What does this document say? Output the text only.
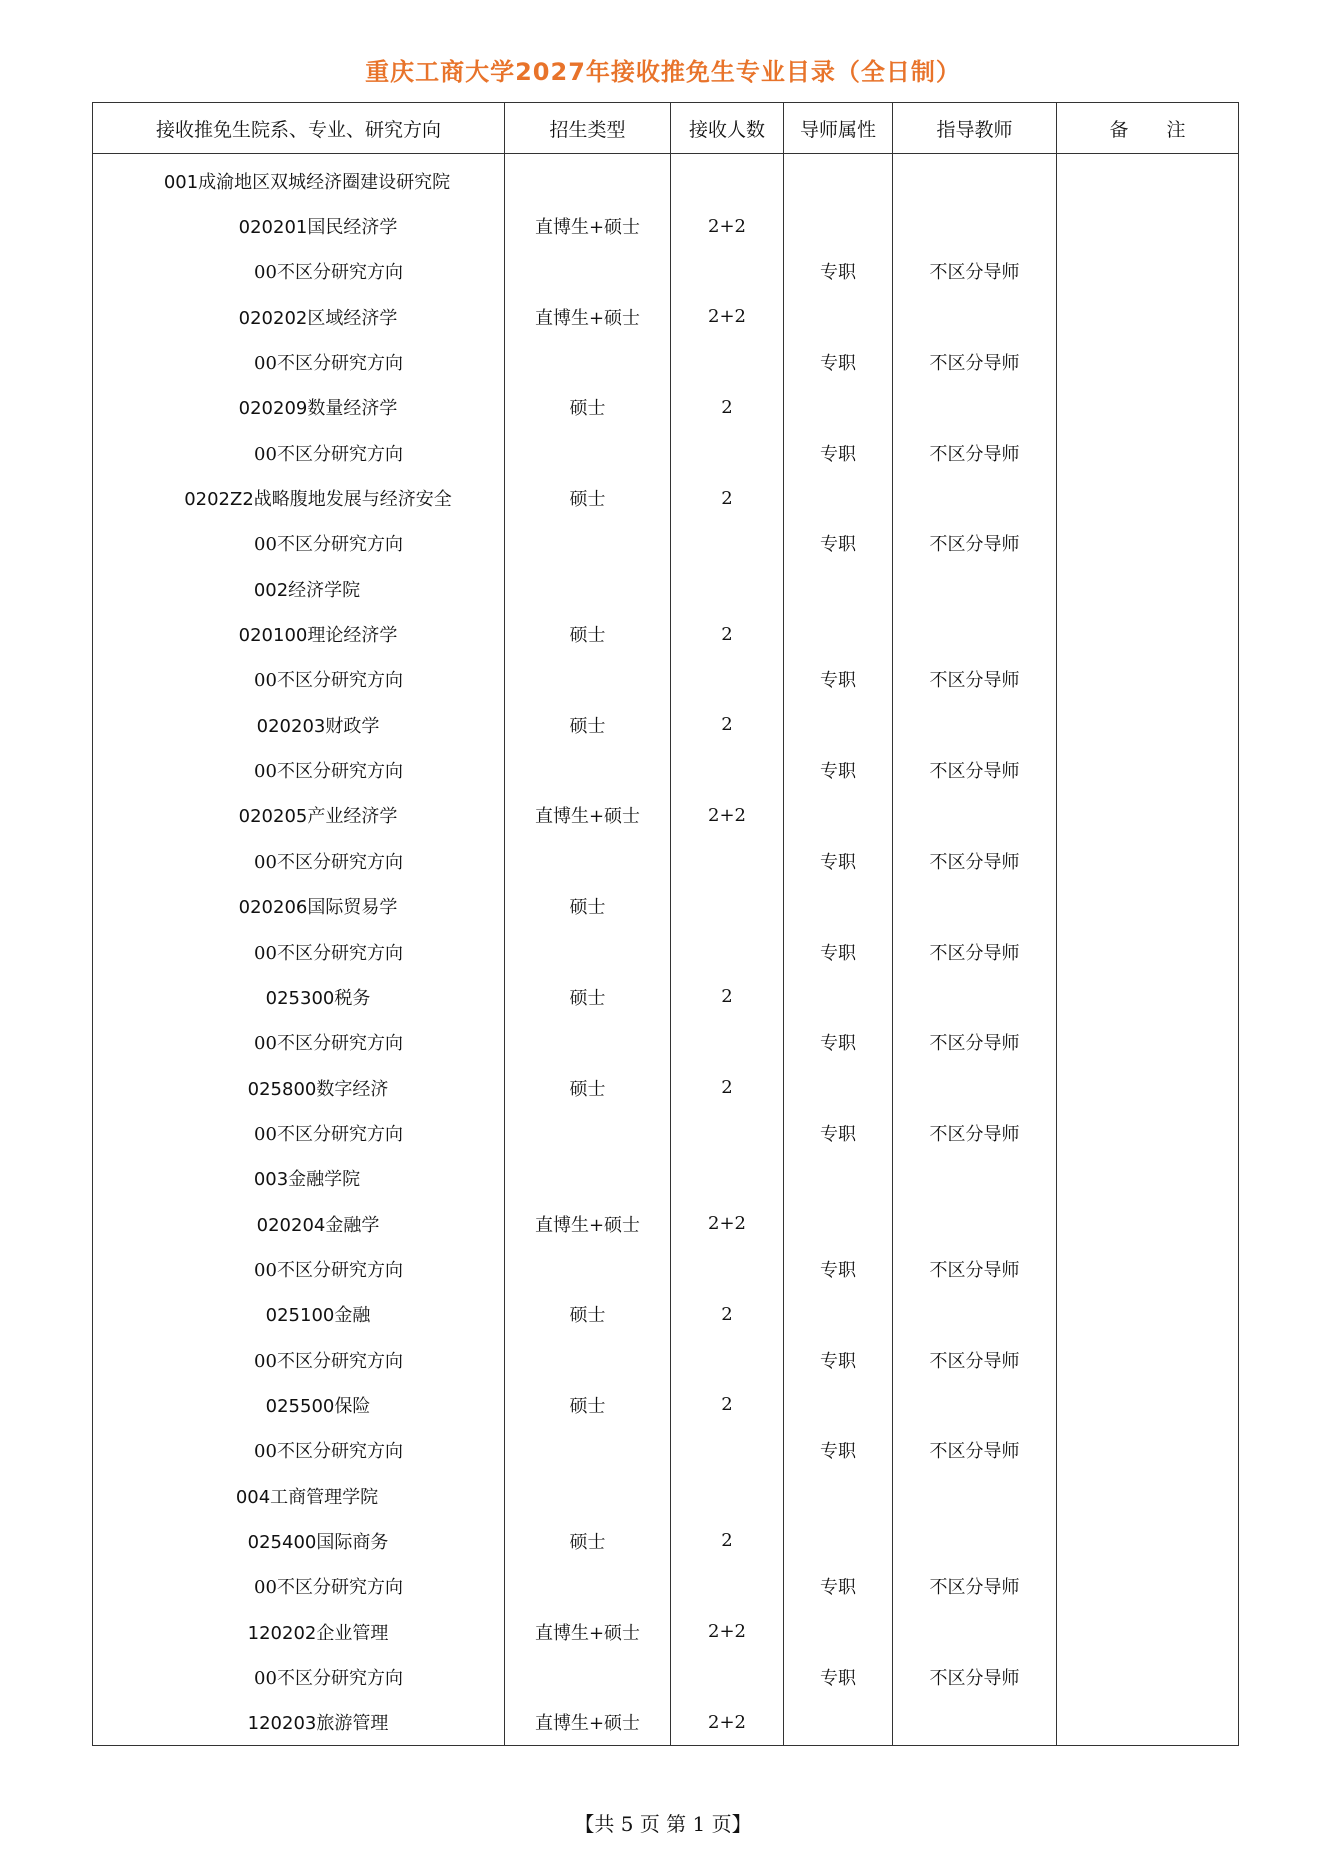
重庆工商大学2027年接收推免生专业目录（全日制）
接收推免生院系、专业、研究方向	招生类型	接收人数	导师属性	指导教师	备　　注
001成渝地区双城经济圈建设研究院					
020201国民经济学	直博生+硕士	2+2			
00不区分研究方向			专职	不区分导师	
020202区域经济学	直博生+硕士	2+2			
00不区分研究方向			专职	不区分导师	
020209数量经济学	硕士	2			
00不区分研究方向			专职	不区分导师	
0202Z2战略腹地发展与经济安全	硕士	2			
00不区分研究方向			专职	不区分导师	
002经济学院					
020100理论经济学	硕士	2			
00不区分研究方向			专职	不区分导师	
020203财政学	硕士	2			
00不区分研究方向			专职	不区分导师	
020205产业经济学	直博生+硕士	2+2			
00不区分研究方向			专职	不区分导师	
020206国际贸易学	硕士				
00不区分研究方向			专职	不区分导师	
025300税务	硕士	2			
00不区分研究方向			专职	不区分导师	
025800数字经济	硕士	2			
00不区分研究方向			专职	不区分导师	
003金融学院					
020204金融学	直博生+硕士	2+2			
00不区分研究方向			专职	不区分导师	
025100金融	硕士	2			
00不区分研究方向			专职	不区分导师	
025500保险	硕士	2			
00不区分研究方向			专职	不区分导师	
004工商管理学院					
025400国际商务	硕士	2			
00不区分研究方向			专职	不区分导师	
120202企业管理	直博生+硕士	2+2			
00不区分研究方向			专职	不区分导师	
120203旅游管理	直博生+硕士	2+2			
【共 5 页 第 1 页】
